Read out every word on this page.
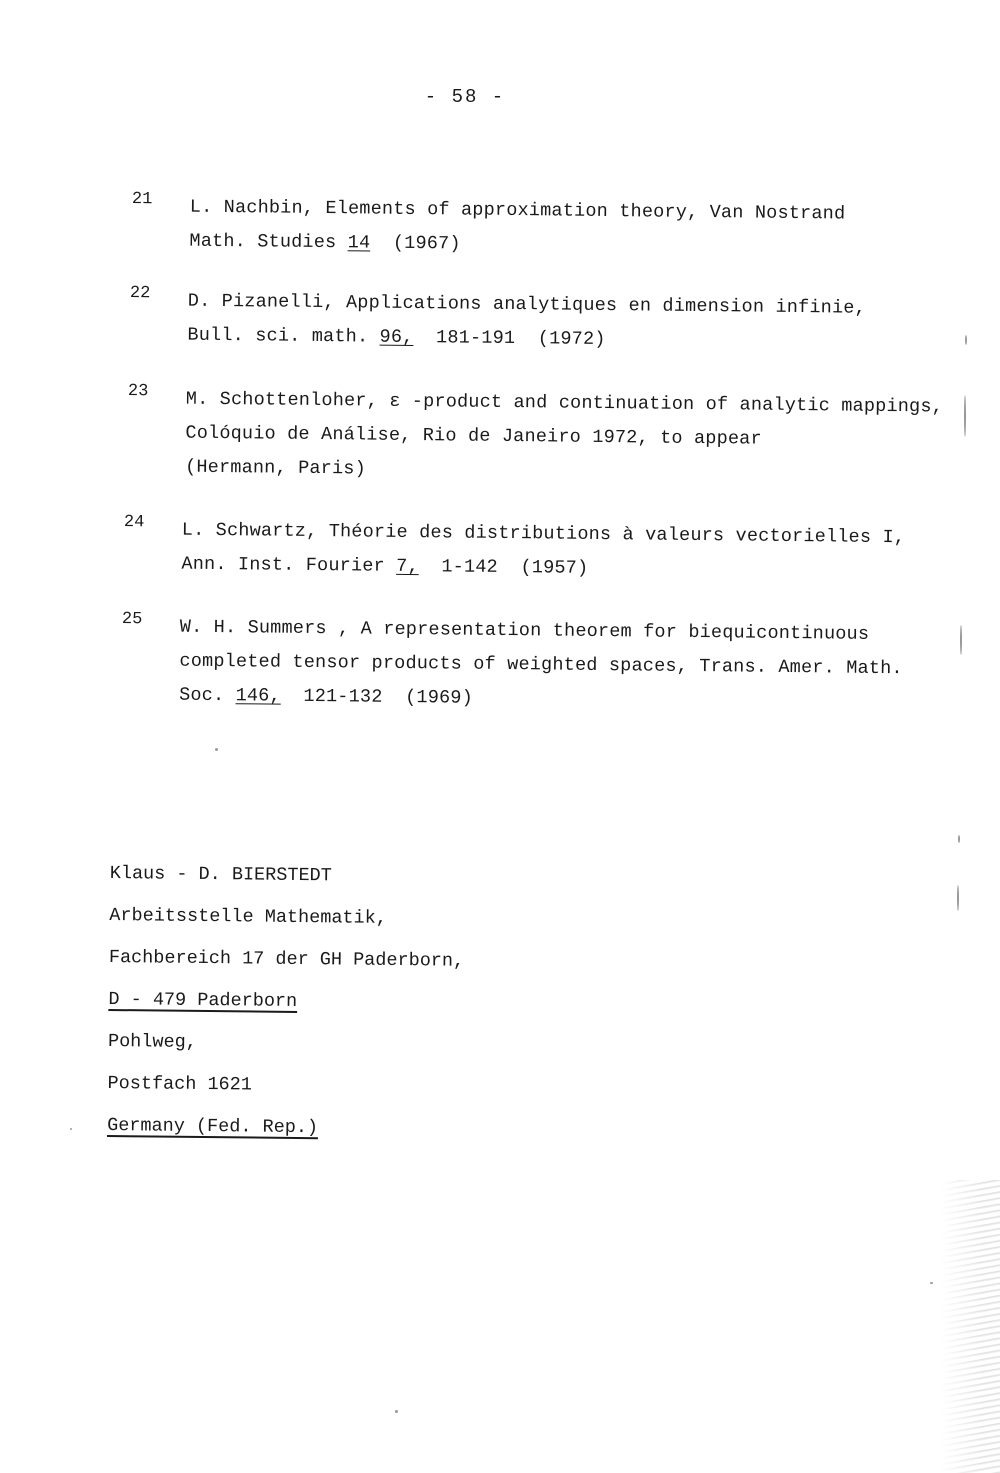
- 58 -
21 L. Nachbin, Elements of approximation theory, Van Nostrand
Math. Studies 14  (1967)
22 D. Pizanelli, Applications analytiques en dimension infinie,
Bull. sci. math. 96,  181-191  (1972)
23 M. Schottenloher, ε -product and continuation of analytic mappings,
Colóquio de Análise, Rio de Janeiro 1972, to appear
(Hermann, Paris)
24 L. Schwartz, Théorie des distributions à valeurs vectorielles I,
Ann. Inst. Fourier 7,  1-142  (1957)
25 W. H. Summers , A representation theorem for biequicontinuous
completed tensor products of weighted spaces, Trans. Amer. Math.
Soc. 146,  121-132  (1969)
Klaus - D. BIERSTEDT
Arbeitsstelle Mathematik,
Fachbereich 17 der GH Paderborn,
D - 479 Paderborn
Pohlweg,
Postfach 1621
Germany (Fed. Rep.)
